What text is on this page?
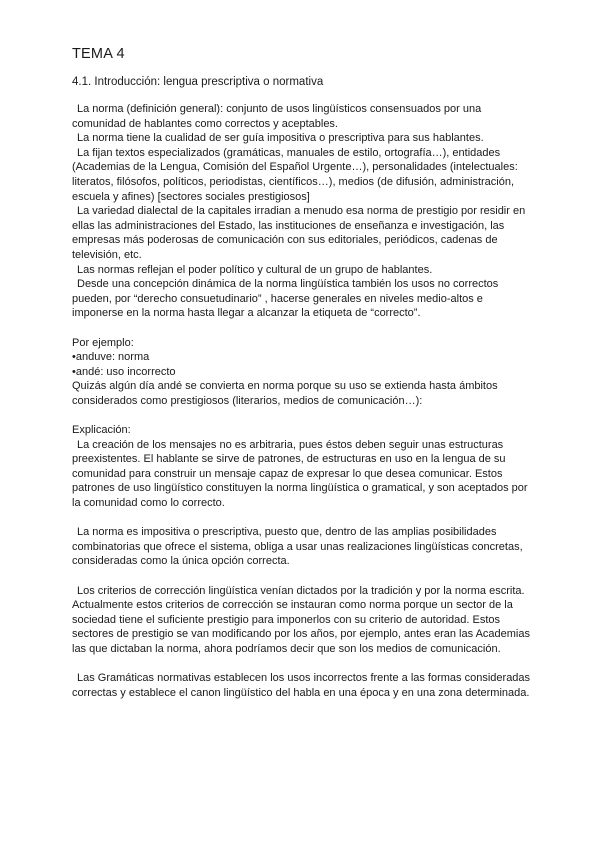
TEMA 4
4.1. Introducción: lengua prescriptiva o normativa

La norma (definición general): conjunto de usos lingüísticos consensuados por una comunidad de hablantes como correctos y aceptables.

La norma tiene la cualidad de ser guía impositiva o prescriptiva para sus hablantes.

La fijan textos especializados (gramáticas, manuales de estilo, ortografía…), entidades (Academias de la Lengua, Comisión del Español Urgente…), personalidades (intelectuales: literatos, filósofos, políticos, periodistas, científicos…), medios (de difusión, administración, escuela y afines) [sectores sociales prestigiosos]

La variedad dialectal de la capitales irradian a menudo esa norma de prestigio por residir en ellas las administraciones del Estado, las instituciones de enseñanza e investigación, las empresas más poderosas de comunicación con sus editoriales, periódicos, cadenas de televisión, etc.

Las normas reflejan el poder político y cultural de un grupo de hablantes.

Desde una concepción dinámica de la norma lingüística también los usos no correctos pueden, por “derecho consuetudinario” , hacerse generales en niveles medio-altos e imponerse en la norma hasta llegar a alcanzar la etiqueta de “correcto”.

Por ejemplo:

•anduve: norma

•andé: uso incorrecto

Quizás algún día andé se convierta en norma porque su uso se extienda hasta ámbitos considerados como prestigiosos (literarios, medios de comunicación…):

Explicación:

La creación de los mensajes no es arbitraria, pues éstos deben seguir unas estructuras preexistentes. El hablante se sirve de patrones, de estructuras en uso en la lengua de su comunidad para construir un mensaje capaz de expresar lo que desea comunicar. Estos patrones de uso lingüístico constituyen la norma lingüística o gramatical, y son aceptados por la comunidad como lo correcto.

La norma es impositiva o prescriptiva, puesto que, dentro de las amplias posibilidades combinatorias que ofrece el sistema, obliga a usar unas realizaciones lingüísticas concretas, consideradas como la única opción correcta.

Los criterios de corrección lingüística venían dictados por la tradición y por la norma escrita. Actualmente estos criterios de corrección se instauran como norma porque un sector de la sociedad tiene el suficiente prestigio para imponerlos con su criterio de autoridad. Estos sectores de prestigio se van modificando por los años, por ejemplo, antes eran las Academias las que dictaban la norma, ahora podríamos decir que son los medios de comunicación.

Las Gramáticas normativas establecen los usos incorrectos frente a las formas consideradas correctas y establece el canon lingüístico del habla en una época y en una zona determinada.
